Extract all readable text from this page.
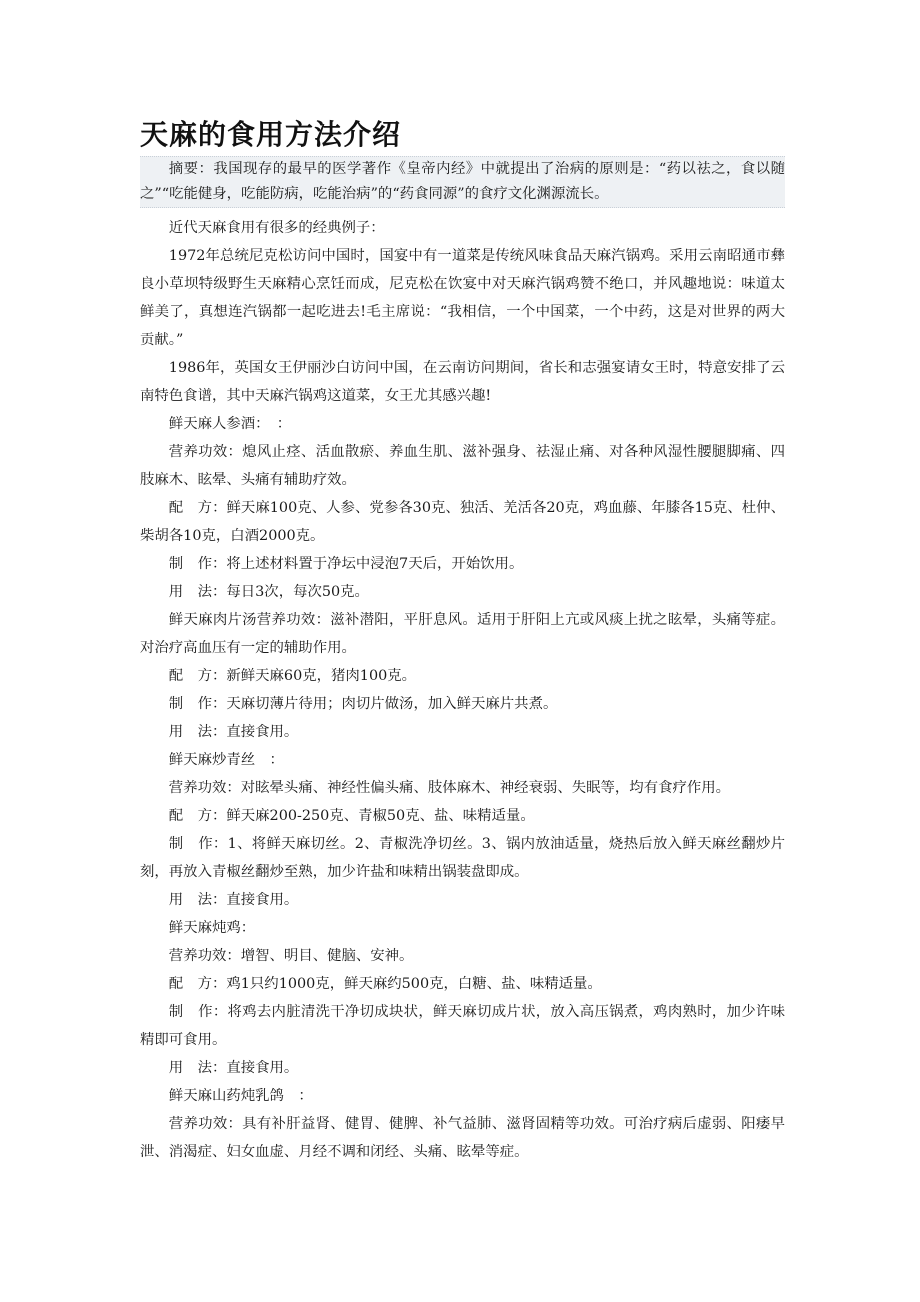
天麻的食用方法介绍

摘要：我国现存的最早的医学著作《皇帝内经》中就提出了治病的原则是：“药以祛之，食以随之”“吃能健身，吃能防病，吃能治病”的“药食同源”的食疗文化渊源流长。

近代天麻食用有很多的经典例子：

1972年总统尼克松访问中国时，国宴中有一道菜是传统风味食品天麻汽锅鸡。采用云南昭通市彝良小草坝特级野生天麻精心烹饪而成，尼克松在饮宴中对天麻汽锅鸡赞不绝口，并风趣地说：味道太鲜美了，真想连汽锅都一起吃进去!毛主席说：“我相信，一个中国菜，一个中药，这是对世界的两大贡献。”

1986年，英国女王伊丽沙白访问中国，在云南访问期间，省长和志强宴请女王时，特意安排了云南特色食谱，其中天麻汽锅鸡这道菜，女王尤其感兴趣!

鲜天麻人参酒：　：

营养功效：熄风止痉、活血散瘀、养血生肌、滋补强身、祛湿止痛、对各种风湿性腰腿脚痛、四肢麻木、眩晕、头痛有辅助疗效。

配　方：鲜天麻100克、人参、党参各30克、独活、羌活各20克，鸡血藤、年膝各15克、杜仲、柴胡各10克，白酒2000克。

制　作：将上述材料置于净坛中浸泡7天后，开始饮用。

用　法：每日3次，每次50克。

鲜天麻肉片汤营养功效：滋补潜阳，平肝息风。适用于肝阳上亢或风痰上扰之眩晕，头痛等症。对治疗高血压有一定的辅助作用。

配　方：新鲜天麻60克，猪肉100克。

制　作：天麻切薄片待用；肉切片做汤，加入鲜天麻片共煮。

用　法：直接食用。

鲜天麻炒青丝　：

营养功效：对眩晕头痛、神经性偏头痛、肢体麻木、神经衰弱、失眠等，均有食疗作用。

配　方：鲜天麻200-250克、青椒50克、盐、味精适量。

制　作：1、将鲜天麻切丝。2、青椒洗净切丝。3、锅内放油适量，烧热后放入鲜天麻丝翻炒片刻，再放入青椒丝翻炒至熟，加少许盐和味精出锅装盘即成。

用　法：直接食用。

鲜天麻炖鸡：

营养功效：增智、明目、健脑、安神。

配　方：鸡1只约1000克，鲜天麻约500克，白糖、盐、味精适量。

制　作：将鸡去内脏清洗干净切成块状，鲜天麻切成片状，放入高压锅煮，鸡肉熟时，加少许味精即可食用。

用　法：直接食用。

鲜天麻山药炖乳鸽　：

营养功效：具有补肝益肾、健胃、健脾、补气益肺、滋肾固精等功效。可治疗病后虚弱、阳痿早泄、消渴症、妇女血虚、月经不调和闭经、头痛、眩晕等症。
